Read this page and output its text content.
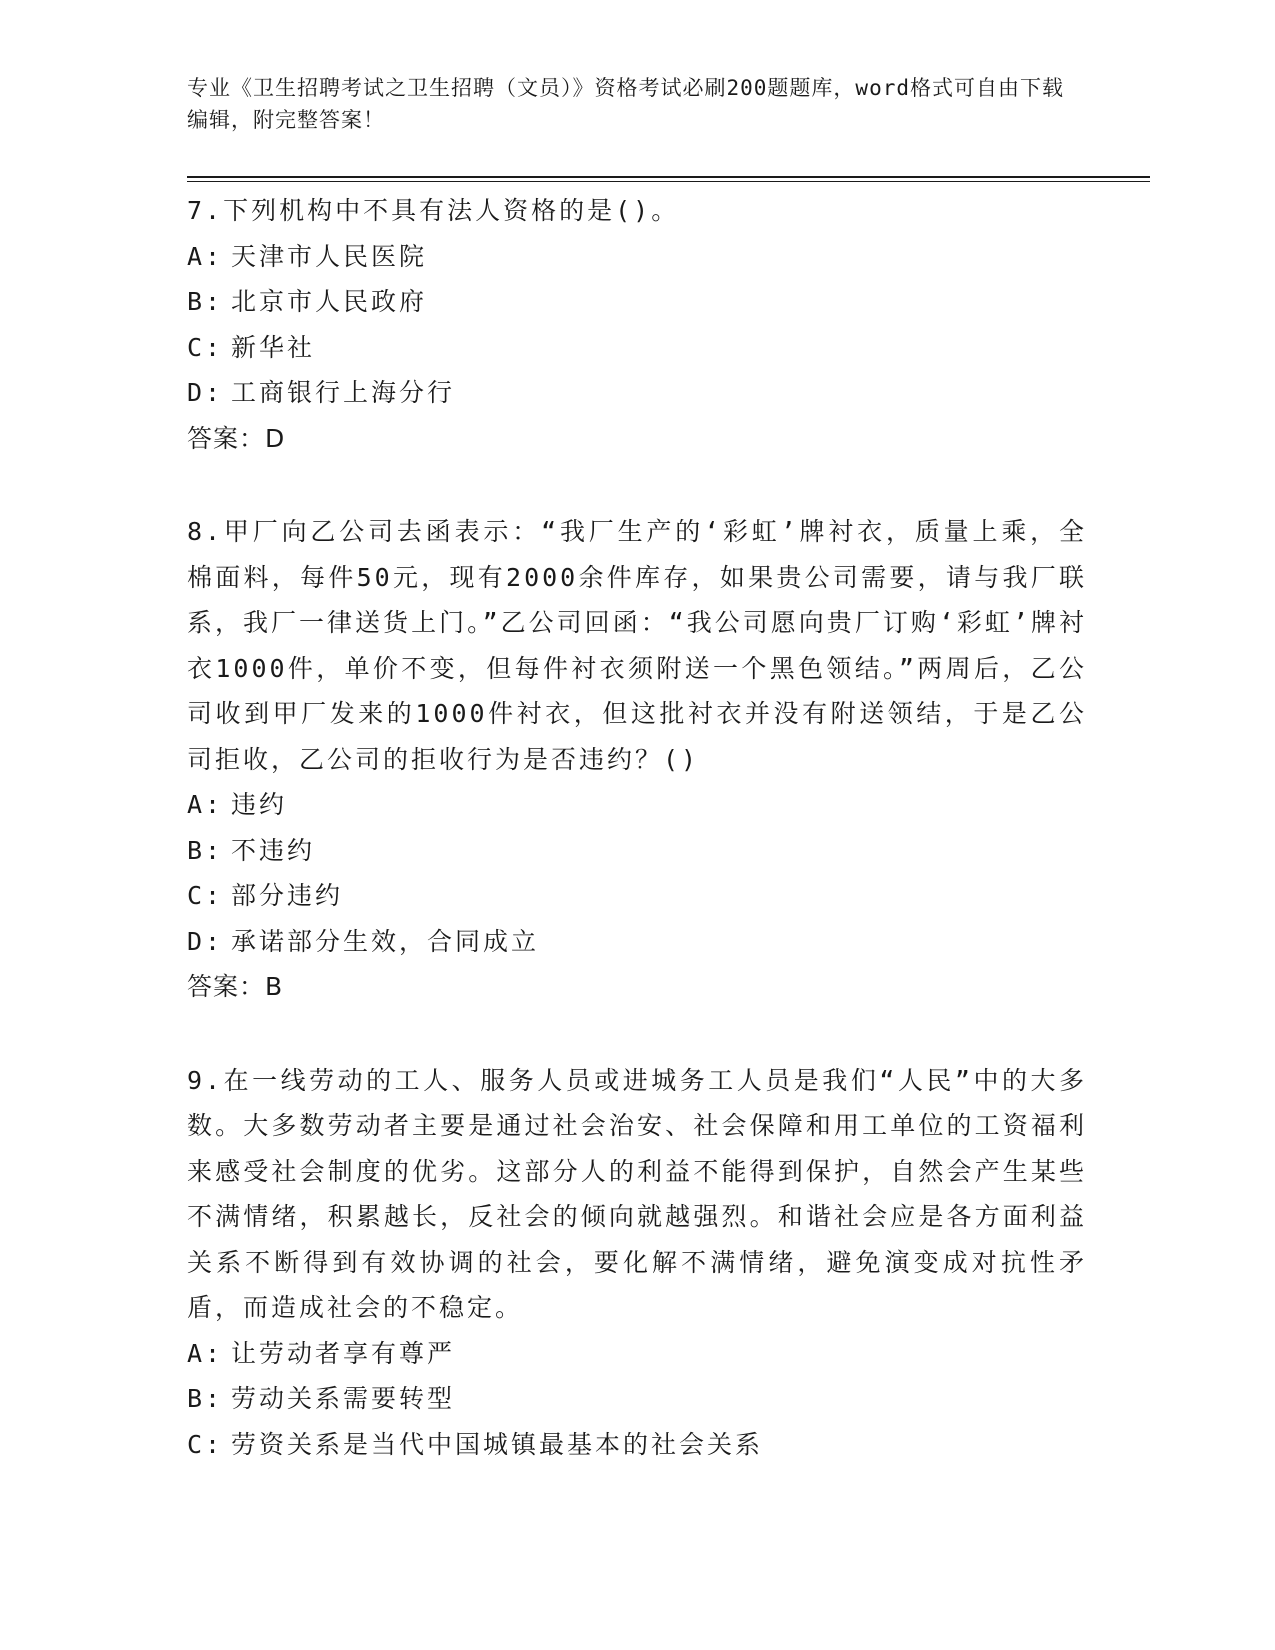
专业《卫生招聘考试之卫生招聘（文员）》资格考试必刷200题题库，word格式可自由下载编辑，附完整答案！
7.下列机构中不具有法人资格的是()。
A: 天津市人民医院
B: 北京市人民政府
C: 新华社
D: 工商银行上海分行
答案：D
8.甲厂向乙公司去函表示：“我厂生产的‘彩虹’牌衬衣，质量上乘，全棉面料，每件50元，现有2000余件库存，如果贵公司需要，请与我厂联系，我厂一律送货上门。”乙公司回函：“我公司愿向贵厂订购‘彩虹’牌衬衣1000件，单价不变，但每件衬衣须附送一个黑色领结。”两周后，乙公司收到甲厂发来的1000件衬衣，但这批衬衣并没有附送领结，于是乙公司拒收，乙公司的拒收行为是否违约？()
A: 违约
B: 不违约
C: 部分违约
D: 承诺部分生效，合同成立
答案：B
9.在一线劳动的工人、服务人员或进城务工人员是我们“人民”中的大多数。大多数劳动者主要是通过社会治安、社会保障和用工单位的工资福利来感受社会制度的优劣。这部分人的利益不能得到保护，自然会产生某些不满情绪，积累越长，反社会的倾向就越强烈。和谐社会应是各方面利益关系不断得到有效协调的社会，要化解不满情绪，避免演变成对抗性矛盾，而造成社会的不稳定。
A: 让劳动者享有尊严
B: 劳动关系需要转型
C: 劳资关系是当代中国城镇最基本的社会关系
